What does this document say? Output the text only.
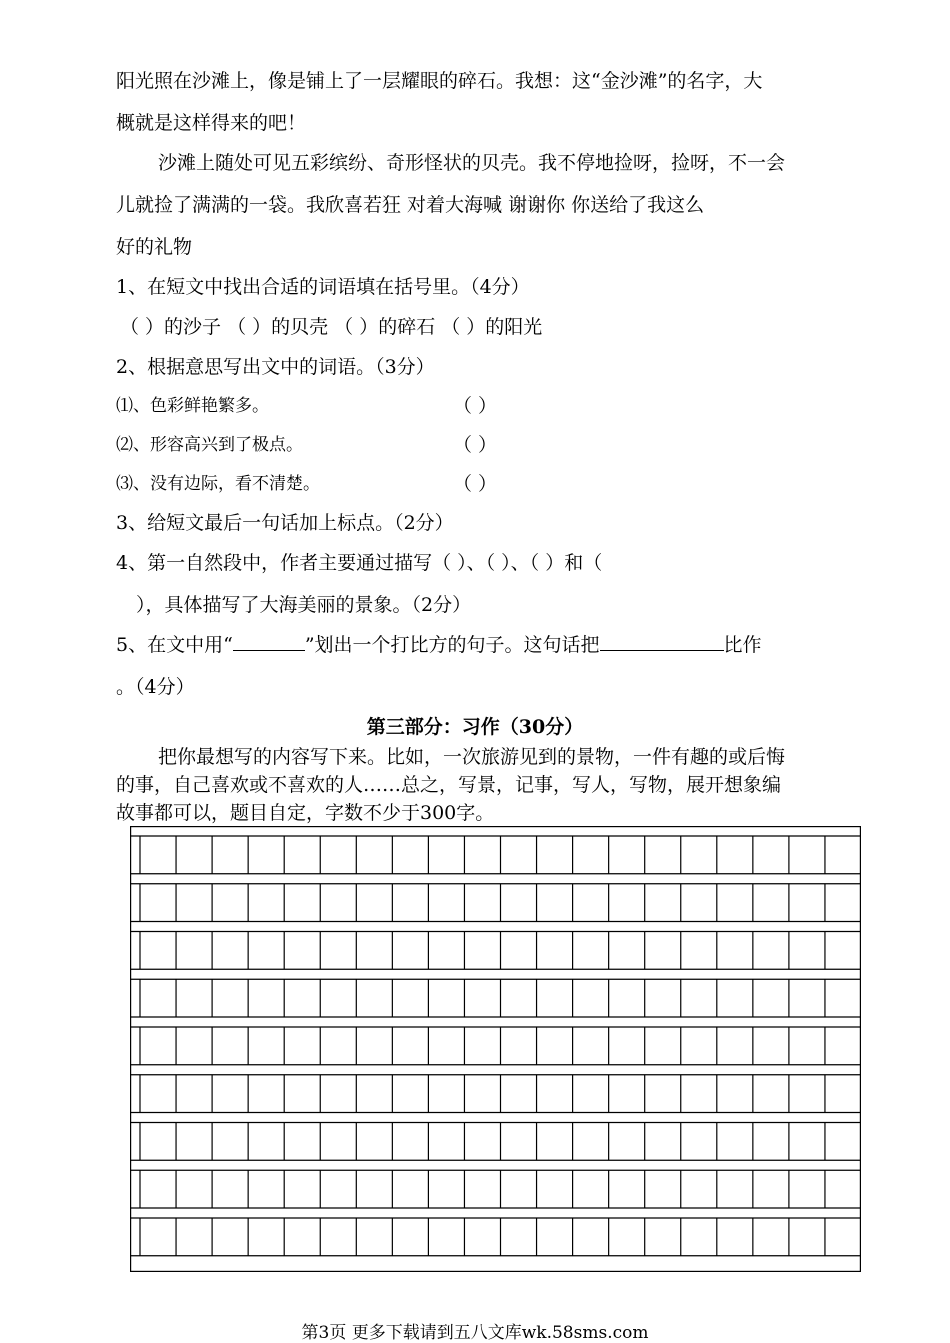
阳光照在沙滩上，像是铺上了一层耀眼的碎石。我想：这“金沙滩”的名字，大
概就是这样得来的吧！
沙滩上随处可见五彩缤纷、奇形怪状的贝壳。我不停地捡呀，捡呀，不一会
儿就捡了满满的一袋。我欣喜若狂 对着大海喊 谢谢你 你送给了我这么
好的礼物
1、在短文中找出合适的词语填在括号里。（4分）
（ ）的沙子 （ ）的贝壳 （ ）的碎石 （ ）的阳光
2、根据意思写出文中的词语。（3分）
⑴、色彩鲜艳繁多。	（ ）
⑵、形容高兴到了极点。	（ ）
⑶、没有边际，看不清楚。	（ ）
3、给短文最后一句话加上标点。（2分）
4、第一自然段中，作者主要通过描写（ ）、（ ）、（ ）和（
），具体描写了大海美丽的景象。（2分）
5、在文中用“	”划出一个打比方的句子。这句话把	比作
。（4分）
第三部分：习作（30分）
把你最想写的内容写下来。比如，一次旅游见到的景物，一件有趣的或后悔
的事，自己喜欢或不喜欢的人……总之，写景，记事，写人，写物，展开想象编
故事都可以，题目自定，字数不少于300字。
第3页 更多下载请到五八文库wk.58sms.com
